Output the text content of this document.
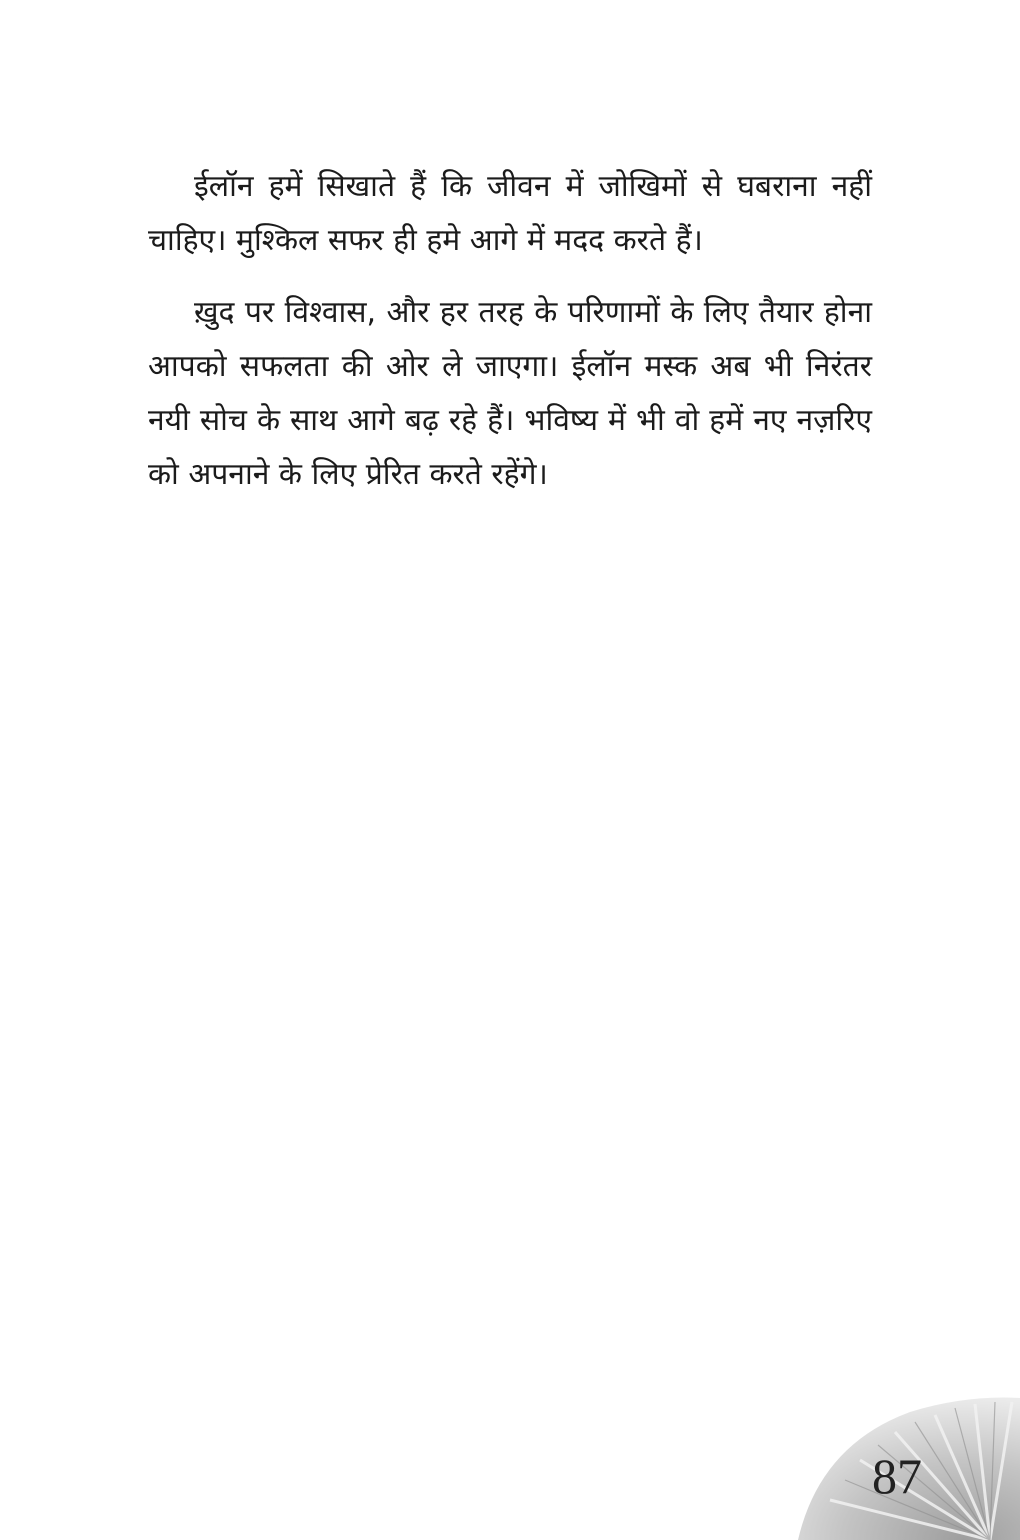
ईलॉन हमें सिखाते हैं कि जीवन में जोखिमों से घबराना नहीं चाहिए। मुश्किल सफर ही हमे आगे में मदद करते हैं।

ख़ुद पर विश्वास, और हर तरह के परिणामों के लिए तैयार होना आपको सफलता की ओर ले जाएगा। ईलॉन मस्क अब भी निरंतर नयी सोच के साथ आगे बढ़ रहे हैं। भविष्य में भी वो हमें नए नज़रिए को अपनाने के लिए प्रेरित करते रहेंगे।

87
